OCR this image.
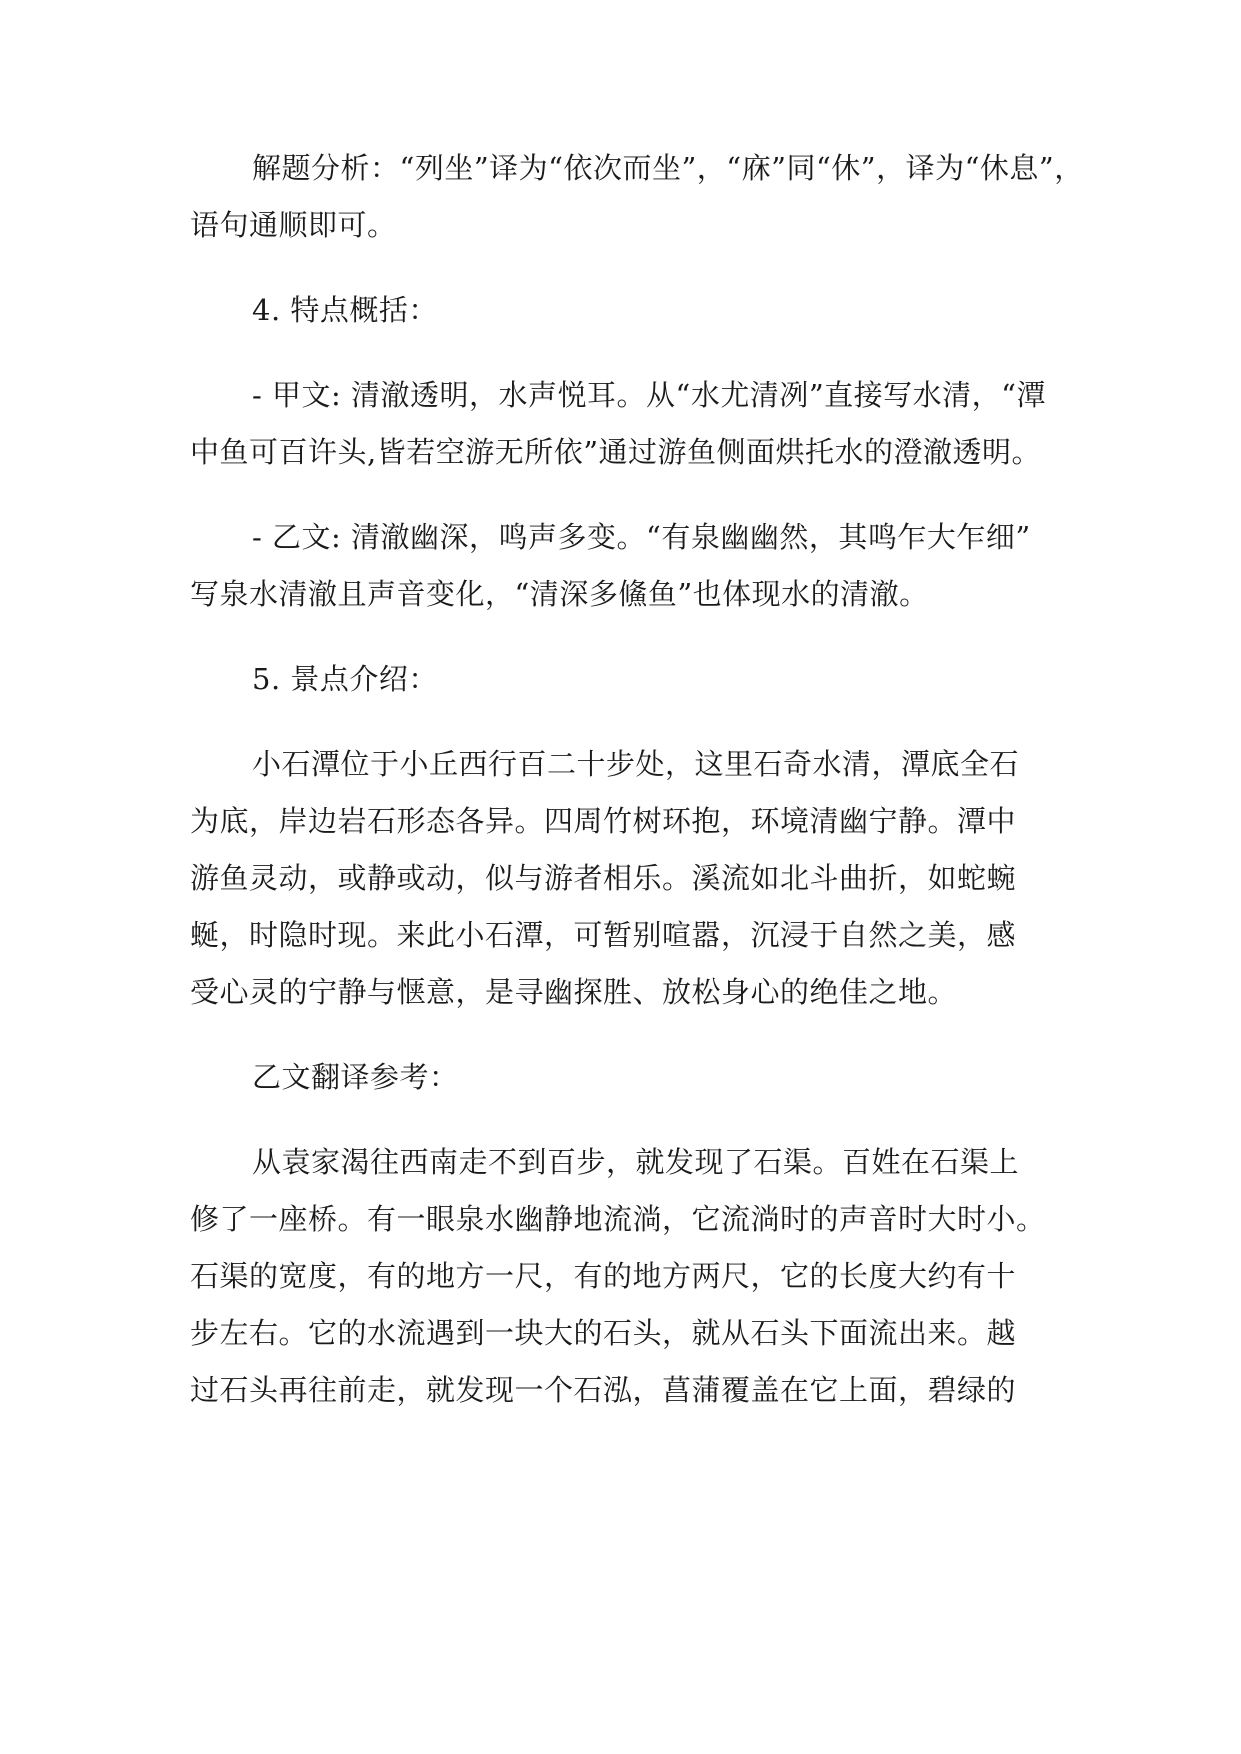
解题分析：“列坐”译为“依次而坐”，“庥”同“休”，译为“休息”，
语句通顺即可。
4. 特点概括：
- 甲文: 清澈透明，水声悦耳。从“水尤清冽”直接写水清，“潭
中鱼可百许头,皆若空游无所依”通过游鱼侧面烘托水的澄澈透明。
- 乙文: 清澈幽深，鸣声多变。“有泉幽幽然，其鸣乍大乍细”
写泉水清澈且声音变化，“清深多鯈鱼”也体现水的清澈。
5. 景点介绍：
小石潭位于小丘西行百二十步处，这里石奇水清，潭底全石
为底，岸边岩石形态各异。四周竹树环抱，环境清幽宁静。潭中
游鱼灵动，或静或动，似与游者相乐。溪流如北斗曲折，如蛇蜿
蜒，时隐时现。来此小石潭，可暂别喧嚣，沉浸于自然之美，感
受心灵的宁静与惬意，是寻幽探胜、放松身心的绝佳之地。
乙文翻译参考：
从袁家渴往西南走不到百步，就发现了石渠。百姓在石渠上
修了一座桥。有一眼泉水幽静地流淌，它流淌时的声音时大时小。
石渠的宽度，有的地方一尺，有的地方两尺，它的长度大约有十
步左右。它的水流遇到一块大的石头，就从石头下面流出来。越
过石头再往前走，就发现一个石泓，菖蒲覆盖在它上面，碧绿的
